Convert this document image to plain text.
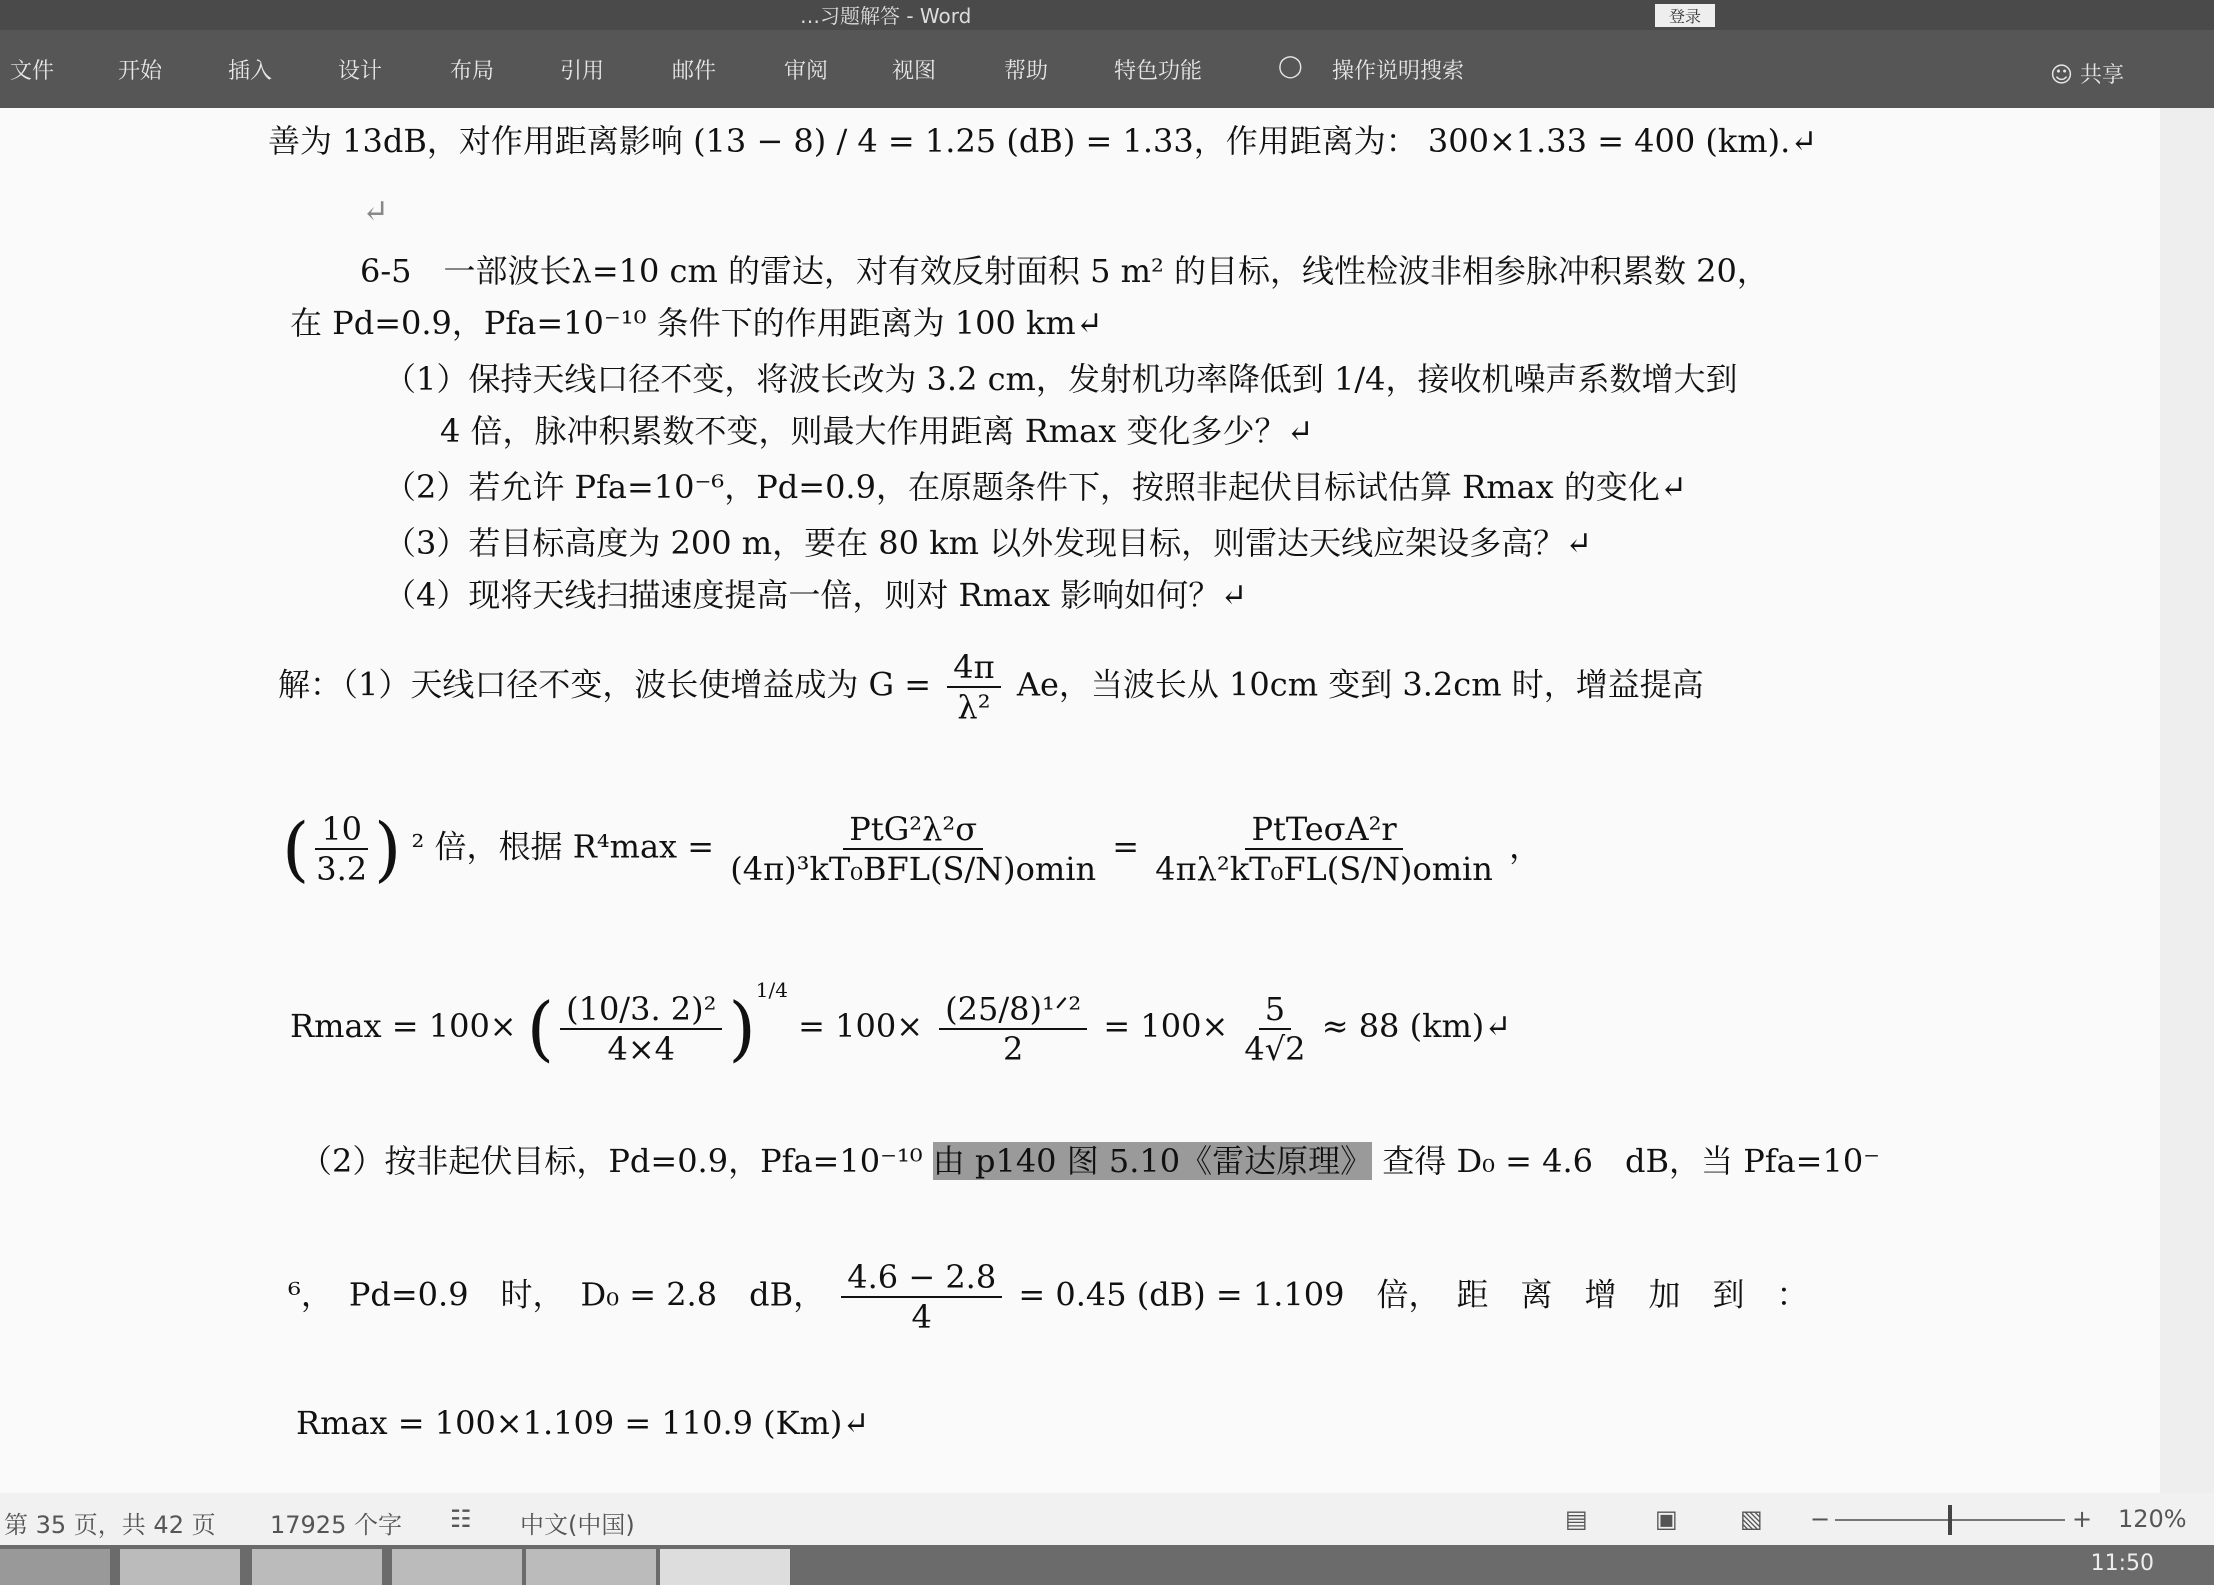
…习题解答 - Word	登录
文件	开始	插入	设计	布局	引用	邮件	审阅	视图	帮助	特色功能	◯ 操作说明搜索	☺ 共享
善为 13dB，对作用距离影响 (13 − 8) / 4 = 1.25 (dB) = 1.33，作用距离为： 300×1.33 = 400 (km).↵
↵
6-5　一部波长λ=10 cm 的雷达，对有效反射面积 5 m² 的目标，线性检波非相参脉冲积累数 20，
在 Pd=0.9，Pfa=10⁻¹⁰ 条件下的作用距离为 100 km↵
（1）保持天线口径不变，将波长改为 3.2 cm，发射机功率降低到 1/4，接收机噪声系数增大到
4 倍，脉冲积累数不变，则最大作用距离 Rmax 变化多少？↵
（2）若允许 Pfa=10⁻⁶，Pd=0.9，在原题条件下，按照非起伏目标试估算 Rmax 的变化↵
（3）若目标高度为 200 m，要在 80 km 以外发现目标，则雷达天线应架设多高？↵
（4）现将天线扫描速度提高一倍，则对 Rmax 影响如何？↵
解：（1）天线口径不变，波长使增益成为 $G = \frac{4\pi}{\text{λ²}}$ Ae，当波长从 10cm 变到 3.2cm 时，增益提高
( $\frac{10}{3.2}$ ) ² 倍，根据 $R^4\max = \frac{\text{PtG²λ²σ}}{\text{(4π)³kT₀BFL(S/N)omin}} = \frac{\text{PtTeσA²r}}{\text{4πλ²kT₀FL(S/N)omin}}$ ，
Rmax = 100× ( $\frac{\text{(10/3. 2)²}}{4\times 4} )^{1/4} = 100\times \frac{\text{(25/8)¹ᐟ²}}{2} = 100\times \frac{5}{4√2} \approx 88$ (km)↵
（2）按非起伏目标，Pd=0.9，Pfa=10⁻¹⁰ 由 p140 图 5.10《雷达原理》 查得 D₀ = 4.6　dB，当 Pfa=10⁻
⁶，　Pd=0.9　时，　D₀ = 2.8　dB， $\frac{4.6 - 2.8}{4} = 0.45$ (dB) = 1.109　倍，　距　离　增　加　到　：
Rmax = 100×1.109 = 110.9 (Km)↵
第 35 页，共 42 页 17925 个字 ☷ 中文(中国)	▤	▣	▧ −	+ 120%
11:50
